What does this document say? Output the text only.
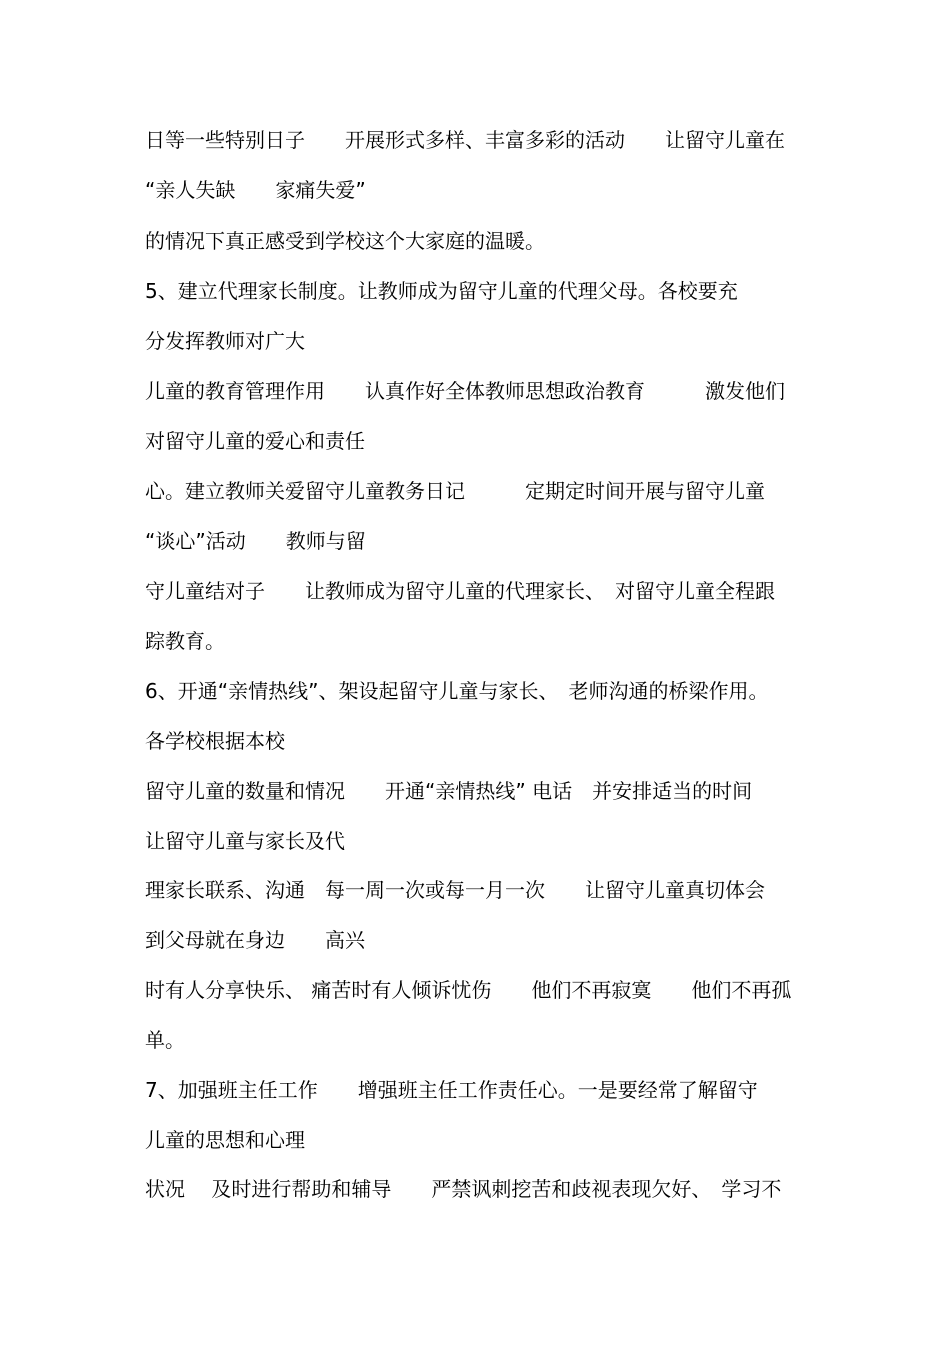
日等一些特别日子　　开展形式多样、丰富多彩的活动　　让留守儿童在

“亲人失缺　　家痛失爱”

的情况下真正感受到学校这个大家庭的温暖。

5、建立代理家长制度。让教师成为留守儿童的代理父母。各校要充

分发挥教师对广大

儿童的教育管理作用　　认真作好全体教师思想政治教育　　　激发他们

对留守儿童的爱心和责任

心。建立教师关爱留守儿童教务日记　　　定期定时间开展与留守儿童

“谈心”活动　　教师与留

守儿童结对子　　让教师成为留守儿童的代理家长、　对留守儿童全程跟

踪教育。

6、开通“亲情热线”、架设起留守儿童与家长、　老师沟通的桥梁作用。

各学校根据本校

留守儿童的数量和情况　　开通“亲情热线” 电话　并安排适当的时间

让留守儿童与家长及代

理家长联系、沟通　每一周一次或每一月一次　　让留守儿童真切体会

到父母就在身边　　高兴

时有人分享快乐、 痛苦时有人倾诉忧伤　　他们不再寂寞　　他们不再孤

单。

7、加强班主任工作　　增强班主任工作责任心。一是要经常了解留守

儿童的思想和心理

状况　 及时进行帮助和辅导　　严禁讽刺挖苦和歧视表现欠好、　学习不
